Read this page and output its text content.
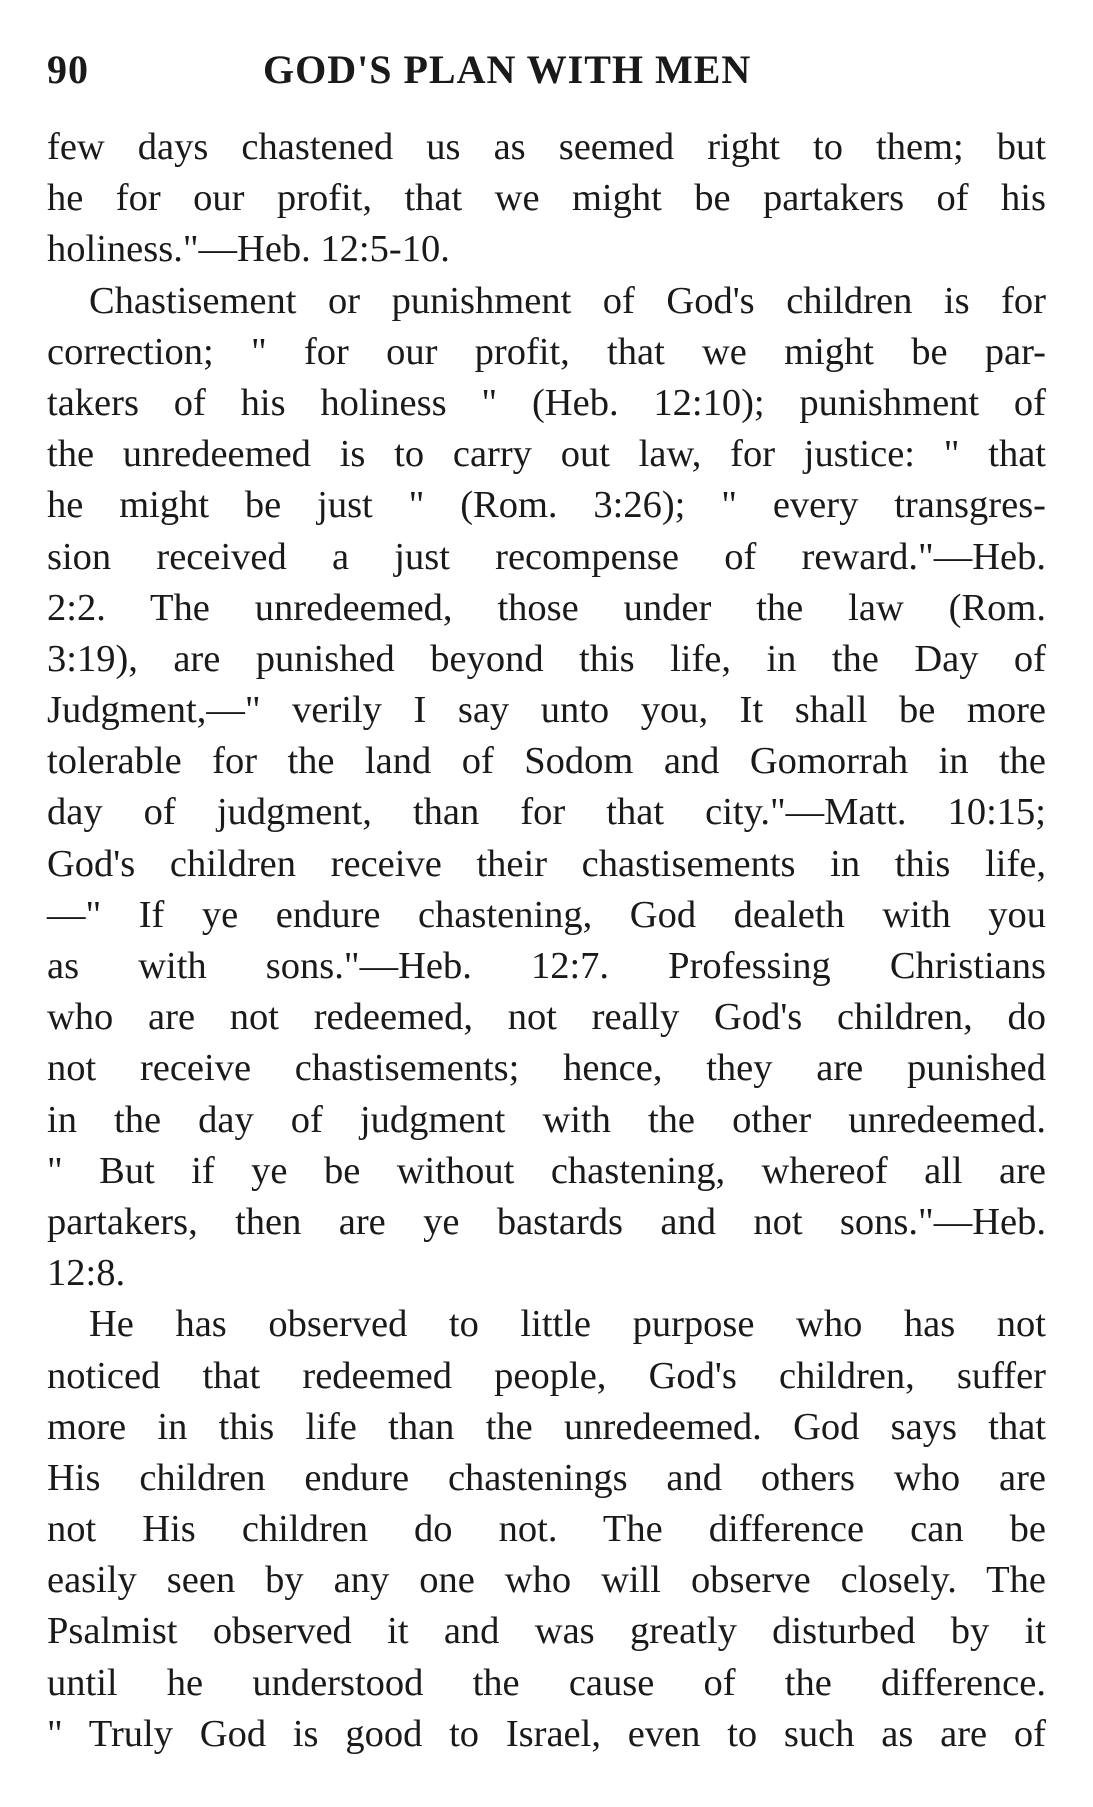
90	GOD'S PLAN WITH MEN

few days chastened us as seemed right to them; but
he for our profit, that we might be partakers of his
holiness."—Heb. 12:5-10.

Chastisement or punishment of God's children is for
correction; " for our profit, that we might be par-
takers of his holiness " (Heb. 12:10); punishment of
the unredeemed is to carry out law, for justice: " that
he might be just " (Rom. 3:26); " every transgres-
sion received a just recompense of reward."—Heb.
2:2. The unredeemed, those under the law (Rom.
3:19), are punished beyond this life, in the Day of
Judgment,—" verily I say unto you, It shall be more
tolerable for the land of Sodom and Gomorrah in the
day of judgment, than for that city."—Matt. 10:15;
God's children receive their chastisements in this life,
—" If ye endure chastening, God dealeth with you
as with sons."—Heb. 12:7. Professing Christians
who are not redeemed, not really God's children, do
not receive chastisements; hence, they are punished
in the day of judgment with the other unredeemed.
" But if ye be without chastening, whereof all are
partakers, then are ye bastards and not sons."—Heb.
12:8.

He has observed to little purpose who has not
noticed that redeemed people, God's children, suffer
more in this life than the unredeemed. God says that
His children endure chastenings and others who are
not His children do not. The difference can be
easily seen by any one who will observe closely. The
Psalmist observed it and was greatly disturbed by it
until he understood the cause of the difference.
" Truly God is good to Israel, even to such as are of
